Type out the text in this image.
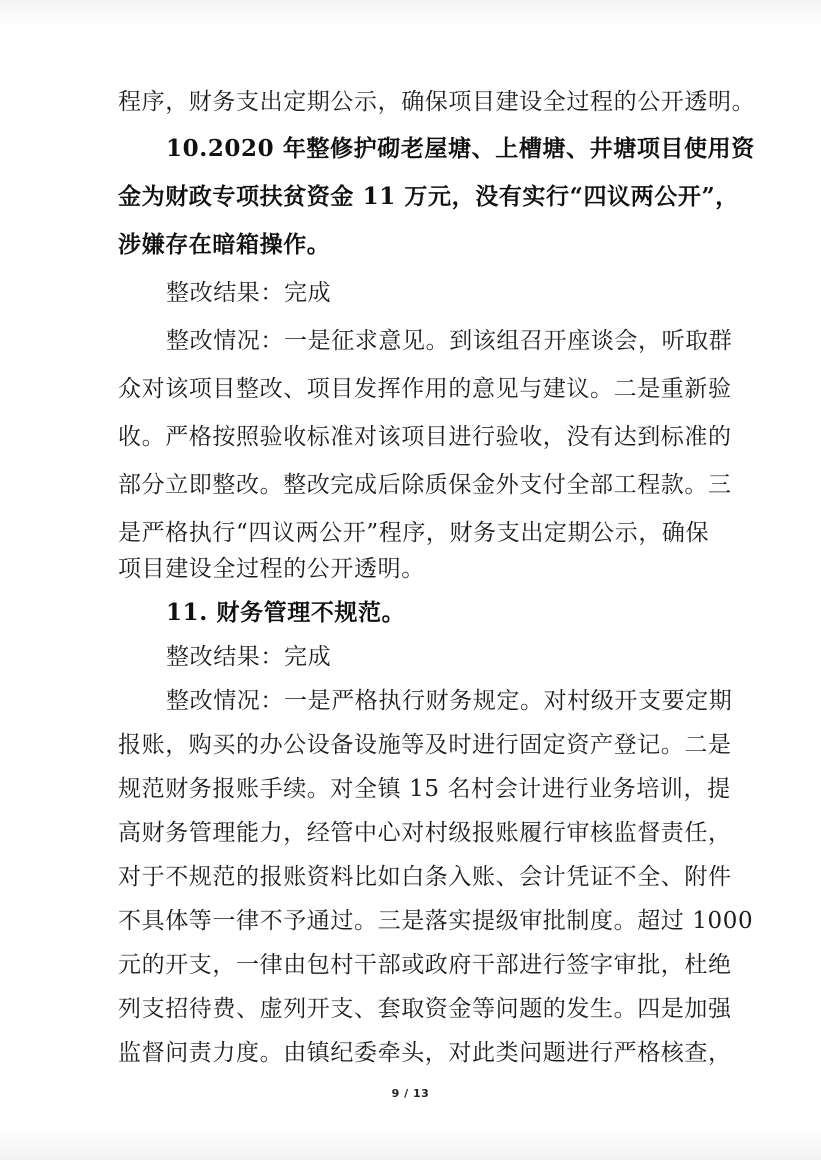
程序，财务支出定期公示，确保项目建设全过程的公开透明。
10.2020 年整修护砌老屋塘、上槽塘、井塘项目使用资
金为财政专项扶贫资金 11 万元，没有实行“四议两公开”，
涉嫌存在暗箱操作。
整改结果：完成
整改情况：一是征求意见。到该组召开座谈会，听取群
众对该项目整改、项目发挥作用的意见与建议。二是重新验
收。严格按照验收标准对该项目进行验收，没有达到标准的
部分立即整改。整改完成后除质保金外支付全部工程款。三
是严格执行“四议两公开”程序，财务支出定期公示，确保
项目建设全过程的公开透明。
11. 财务管理不规范。
整改结果：完成
整改情况：一是严格执行财务规定。对村级开支要定期
报账，购买的办公设备设施等及时进行固定资产登记。二是
规范财务报账手续。对全镇 15 名村会计进行业务培训，提
高财务管理能力，经管中心对村级报账履行审核监督责任，
对于不规范的报账资料比如白条入账、会计凭证不全、附件
不具体等一律不予通过。三是落实提级审批制度。超过 1000
元的开支，一律由包村干部或政府干部进行签字审批，杜绝
列支招待费、虚列开支、套取资金等问题的发生。四是加强
监督问责力度。由镇纪委牵头，对此类问题进行严格核查，
9 / 13
